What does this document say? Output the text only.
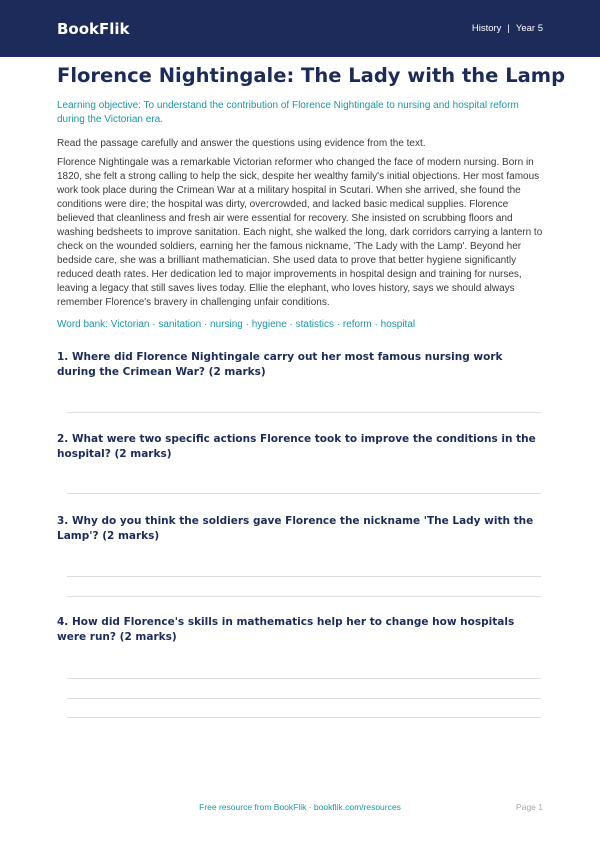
BookFlik	History | Year 5
Florence Nightingale: The Lady with the Lamp
Learning objective: To understand the contribution of Florence Nightingale to nursing and hospital reform during the Victorian era.
Read the passage carefully and answer the questions using evidence from the text.
Florence Nightingale was a remarkable Victorian reformer who changed the face of modern nursing. Born in 1820, she felt a strong calling to help the sick, despite her wealthy family's initial objections. Her most famous work took place during the Crimean War at a military hospital in Scutari. When she arrived, she found the conditions were dire; the hospital was dirty, overcrowded, and lacked basic medical supplies. Florence believed that cleanliness and fresh air were essential for recovery. She insisted on scrubbing floors and washing bedsheets to improve sanitation. Each night, she walked the long, dark corridors carrying a lantern to check on the wounded soldiers, earning her the famous nickname, 'The Lady with the Lamp'. Beyond her bedside care, she was a brilliant mathematician. She used data to prove that better hygiene significantly reduced death rates. Her dedication led to major improvements in hospital design and training for nurses, leaving a legacy that still saves lives today. Ellie the elephant, who loves history, says we should always remember Florence's bravery in challenging unfair conditions.
Word bank: Victorian · sanitation · nursing · hygiene · statistics · reform · hospital
1. Where did Florence Nightingale carry out her most famous nursing work during the Crimean War? (2 marks)
2. What were two specific actions Florence took to improve the conditions in the hospital? (2 marks)
3. Why do you think the soldiers gave Florence the nickname 'The Lady with the Lamp'? (2 marks)
4. How did Florence's skills in mathematics help her to change how hospitals were run? (2 marks)
Free resource from BookFlik · bookflik.com/resources	Page 1
